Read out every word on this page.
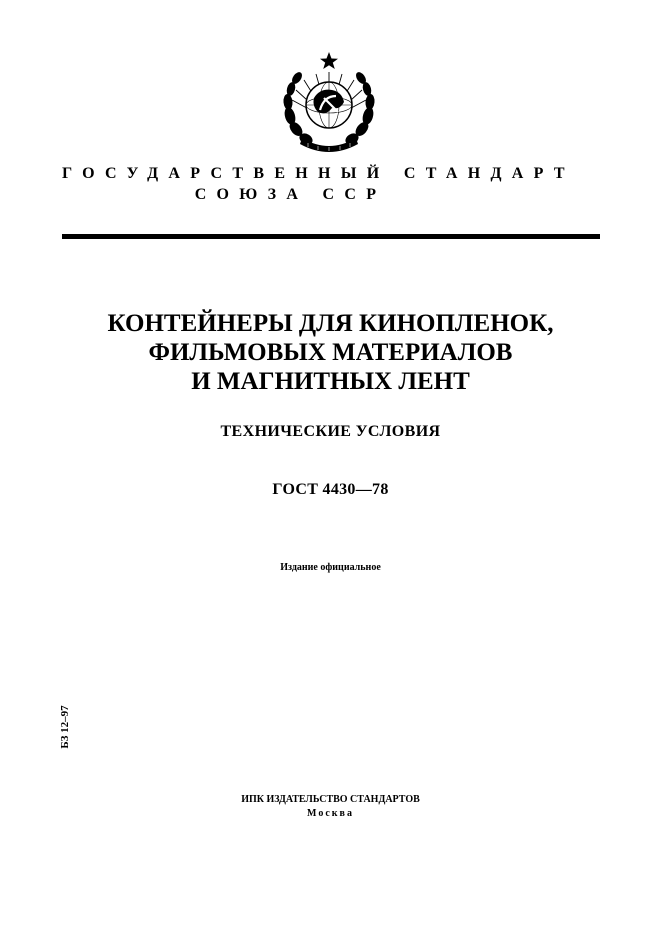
ГОСУДАРСТВЕННЫЙ СТАНДАРТ
СОЮЗА ССР
КОНТЕЙНЕРЫ ДЛЯ КИНОПЛЕНОК,
ФИЛЬМОВЫХ МАТЕРИАЛОВ
И МАГНИТНЫХ ЛЕНТ
ТЕХНИЧЕСКИЕ УСЛОВИЯ
ГОСТ 4430—78
Издание официальное
БЗ 12–97
ИПК ИЗДАТЕЛЬСТВО СТАНДАРТОВ
Москва
